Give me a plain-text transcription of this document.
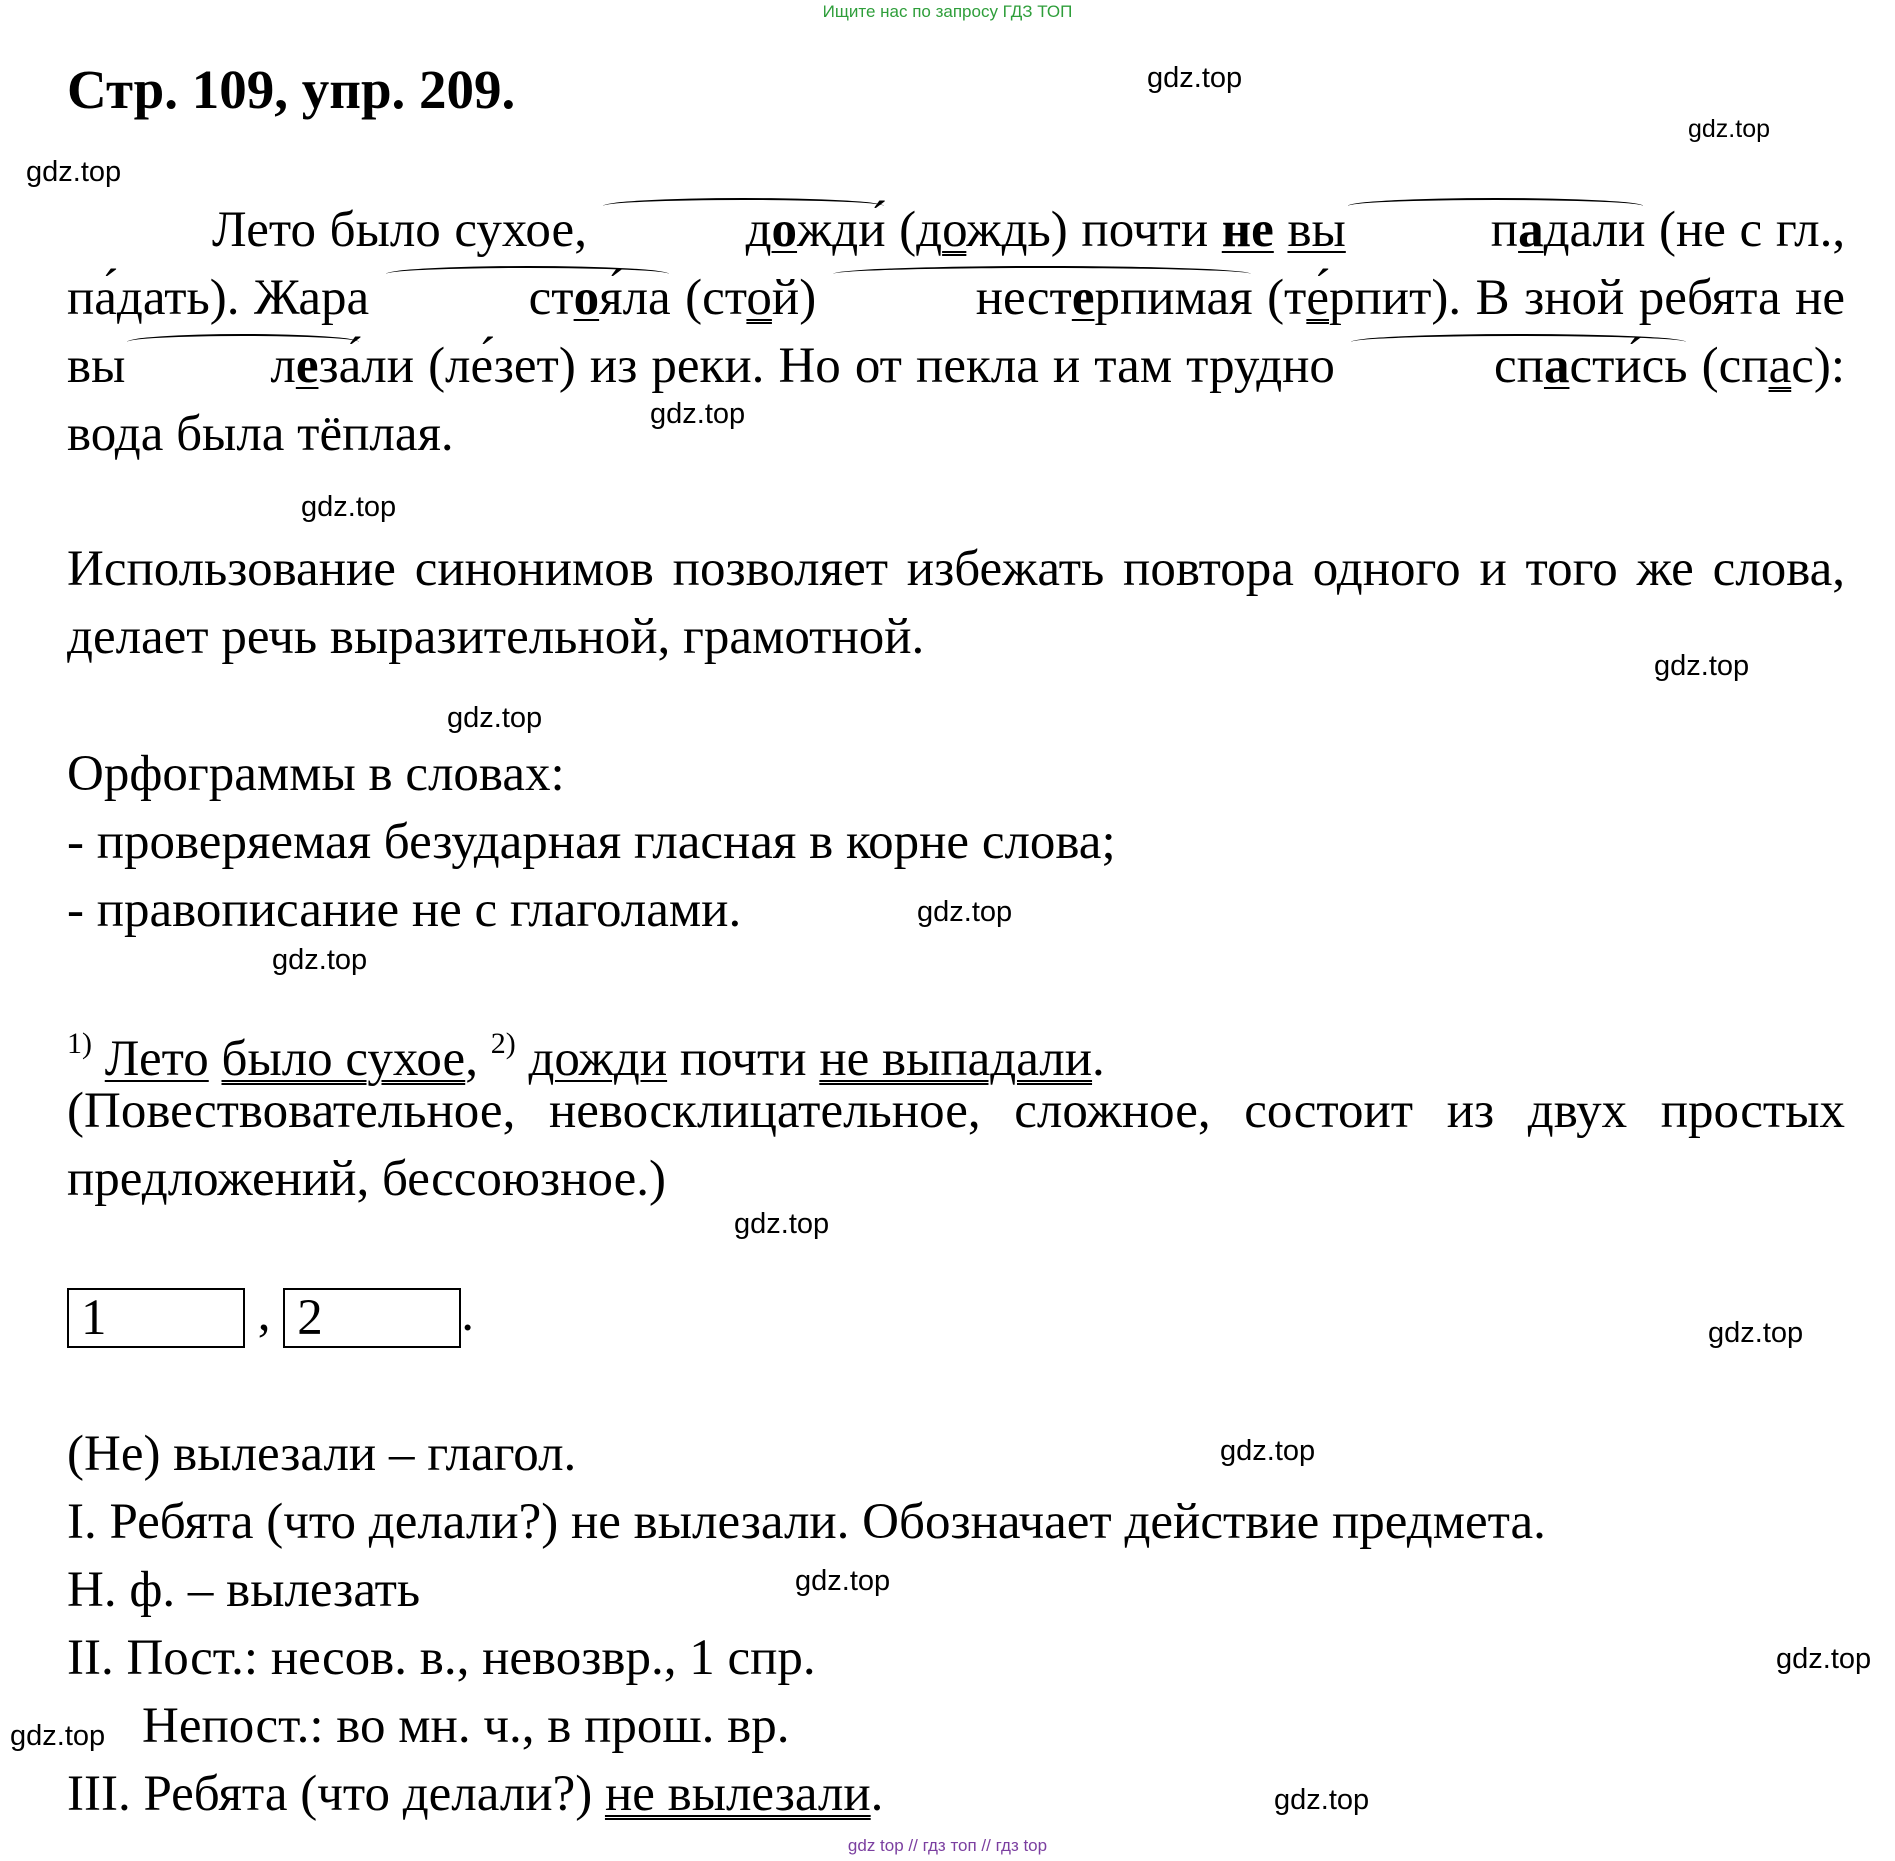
Ищите нас по запросу ГДЗ ТОП
gdz.top
gdz.top
gdz.top
gdz.top
gdz.top
gdz.top
gdz.top
gdz.top
gdz.top
gdz.top
gdz.top
gdz.top
gdz.top
gdz.top
gdz.top
gdz.top
Стр. 109, упр. 209.
Лето было сухое,	дожди́ (дождь) почти не вы	падали (не с гл., па́дать). Жара	стоя́ла (стой)	нестерпимая (те́рпит). В зной ребята не вы	леза́ли (ле́зет) из реки. Но от пекла и там трудно	спасти́сь (спас): вода была тёплая.
Использование синонимов позволяет избежать повтора одного и того же слова, делает речь выразительной, грамотной.
Орфограммы в словах:
- проверяемая безударная гласная в корне слова;
- правописание не с глаголами.
$^{1)}$ Лето было сухое, $^{2)}$ дожди почти не выпадали.
(Повествовательное, невосклицательное, сложное, состоит из двух простых предложений, бессоюзное.)
1	, 2	.
(Не) вылезали – глагол.
I. Ребята (что делали?) не вылезали. Обозначает действие предмета.
Н. ф. – вылезать
II. Пост.: несов. в., невозвр., 1 спр.
Непост.: во мн. ч., в прош. вр.
III. Ребята (что делали?) не вылезали.
gdz top // гдз топ // гдз top
